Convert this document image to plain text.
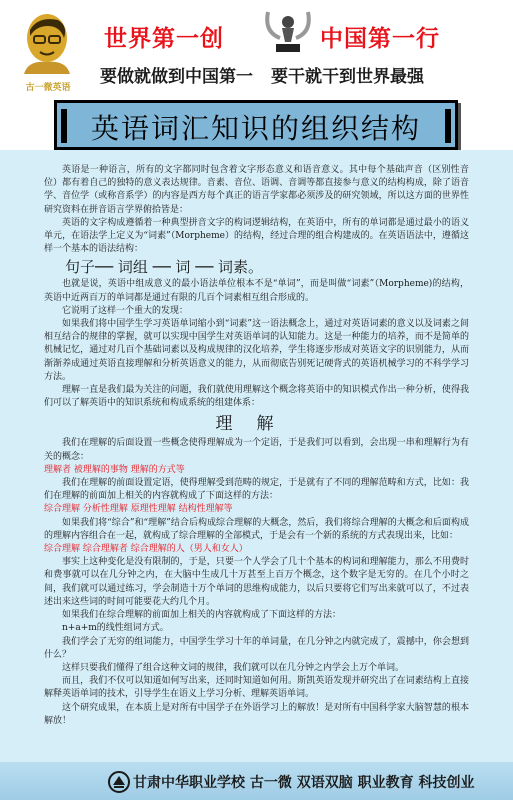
古一微英语
世界第一创	中国第一行
要做就做到中国第一 要干就干到世界最强
英语词汇知识的组织结构

英语是一种语言，所有的文字都同时包含着文字形态意义和语音意义。其中每个基础声音（区别性音位）都有着自己的独特的意义表达规律。音素、音位、语调、音调等都直接参与意义的结构构成，除了语音学、音位学（或称音系学）的内容是西方每个真正的语言学家都必须涉及的研究领域，所以这方面的世界性研究资料在拼音语言学界俯拾皆是：

英语的文字构成遵循着一种典型拼音文字的构词逻辑结构，在英语中，所有的单词都是通过最小的语义单元，在语法学上定义为“词素”（Morpheme）的结构，经过合理的组合构建成的。在英语语法中，遵循这样一个基本的语法结构：

句子── 词组 ── 词 ── 词素。

也就是说，英语中组成意义的最小语法单位根本不是“单词”，而是叫做“词素”（Morpheme)的结构，英语中近两百万的单词都是通过有限的几百个词素相互组合形成的。

它说明了这样一个重大的发现：

如果我们将中国学生学习英语单词缩小到“词素”这一语法概念上，通过对英语词素的意义以及词素之间相互结合的规律的掌握，就可以实现中国学生对英语单词的认知能力。这是一种能力的培养，而不是简单的机械记忆，通过对几百个基础词素以及构成规律的汉化培养，学生将逐步形成对英语文字的识别能力，从而渐渐养成通过英语直接理解和分析英语意义的能力，从而彻底告别死记硬背式的英语机械学习的不科学学习方法。

理解一直是我们最为关注的问题，我们就使用理解这个概念将英语中的知识模式作出一种分析，使得我们可以了解英语中的知识系统和构成系统的组建体系：

理解

我们在理解的后面设置一些概念使得理解成为一个定语，于是我们可以看到，会出现一串和理解行为有关的概念：

理解者 被理解的事物 理解的方式等

我们在理解的前面设置定语，使得理解受到范畴的规定，于是就有了不同的理解范畴和方式，比如：我们在理解的前面加上相关的内容就构成了下面这样的方法：

综合理解 分析性理解 原理性理解 结构性理解等

如果我们将“综合”和“理解”结合后构成综合理解的大概念，然后，我们将综合理解的大概念和后面构成的理解内容组合在一起，就构成了综合理解的全部模式，于是会有一个新的系统的方式表现出来，比如：

综合理解 综合理解者 综合理解的人（男人和女人）

事实上这种变化是没有限制的，于是，只要一个人学会了几十个基本的构词和理解能力，那么不用费时和费事就可以在几分钟之内，在大脑中生成几十万甚至上百万个概念，这个数字是无穷的。在几个小时之间，我们就可以通过练习，学会制造十万个单词的思维构成能力，以后只要将它们写出来就可以了，不过表述出来这些词的时间可能要花大约几个月。

如果我们在综合理解的前面加上相关的内容就构成了下面这样的方法：

n+a+m的线性组词方式。

我们学会了无穷的组词能力，中国学生学习十年的单词量，在几分钟之内就完成了，震撼中，你会想到什么？

这样只要我们懂得了组合这种文词的规律，我们就可以在几分钟之内学会上万个单词。

而且，我们不仅可以知道如何写出来，还同时知道如何用。斯凯英语发现并研究出了在词素结构上直接解释英语单词的技术，引导学生在语义上学习分析、理解英语单词。

这个研究成果，在本质上是对所有中国学子在外语学习上的解放！是对所有中国科学家大脑智慧的根本解放！

甘肃中华职业学校 古一微 双语双脑 职业教育 科技创业
